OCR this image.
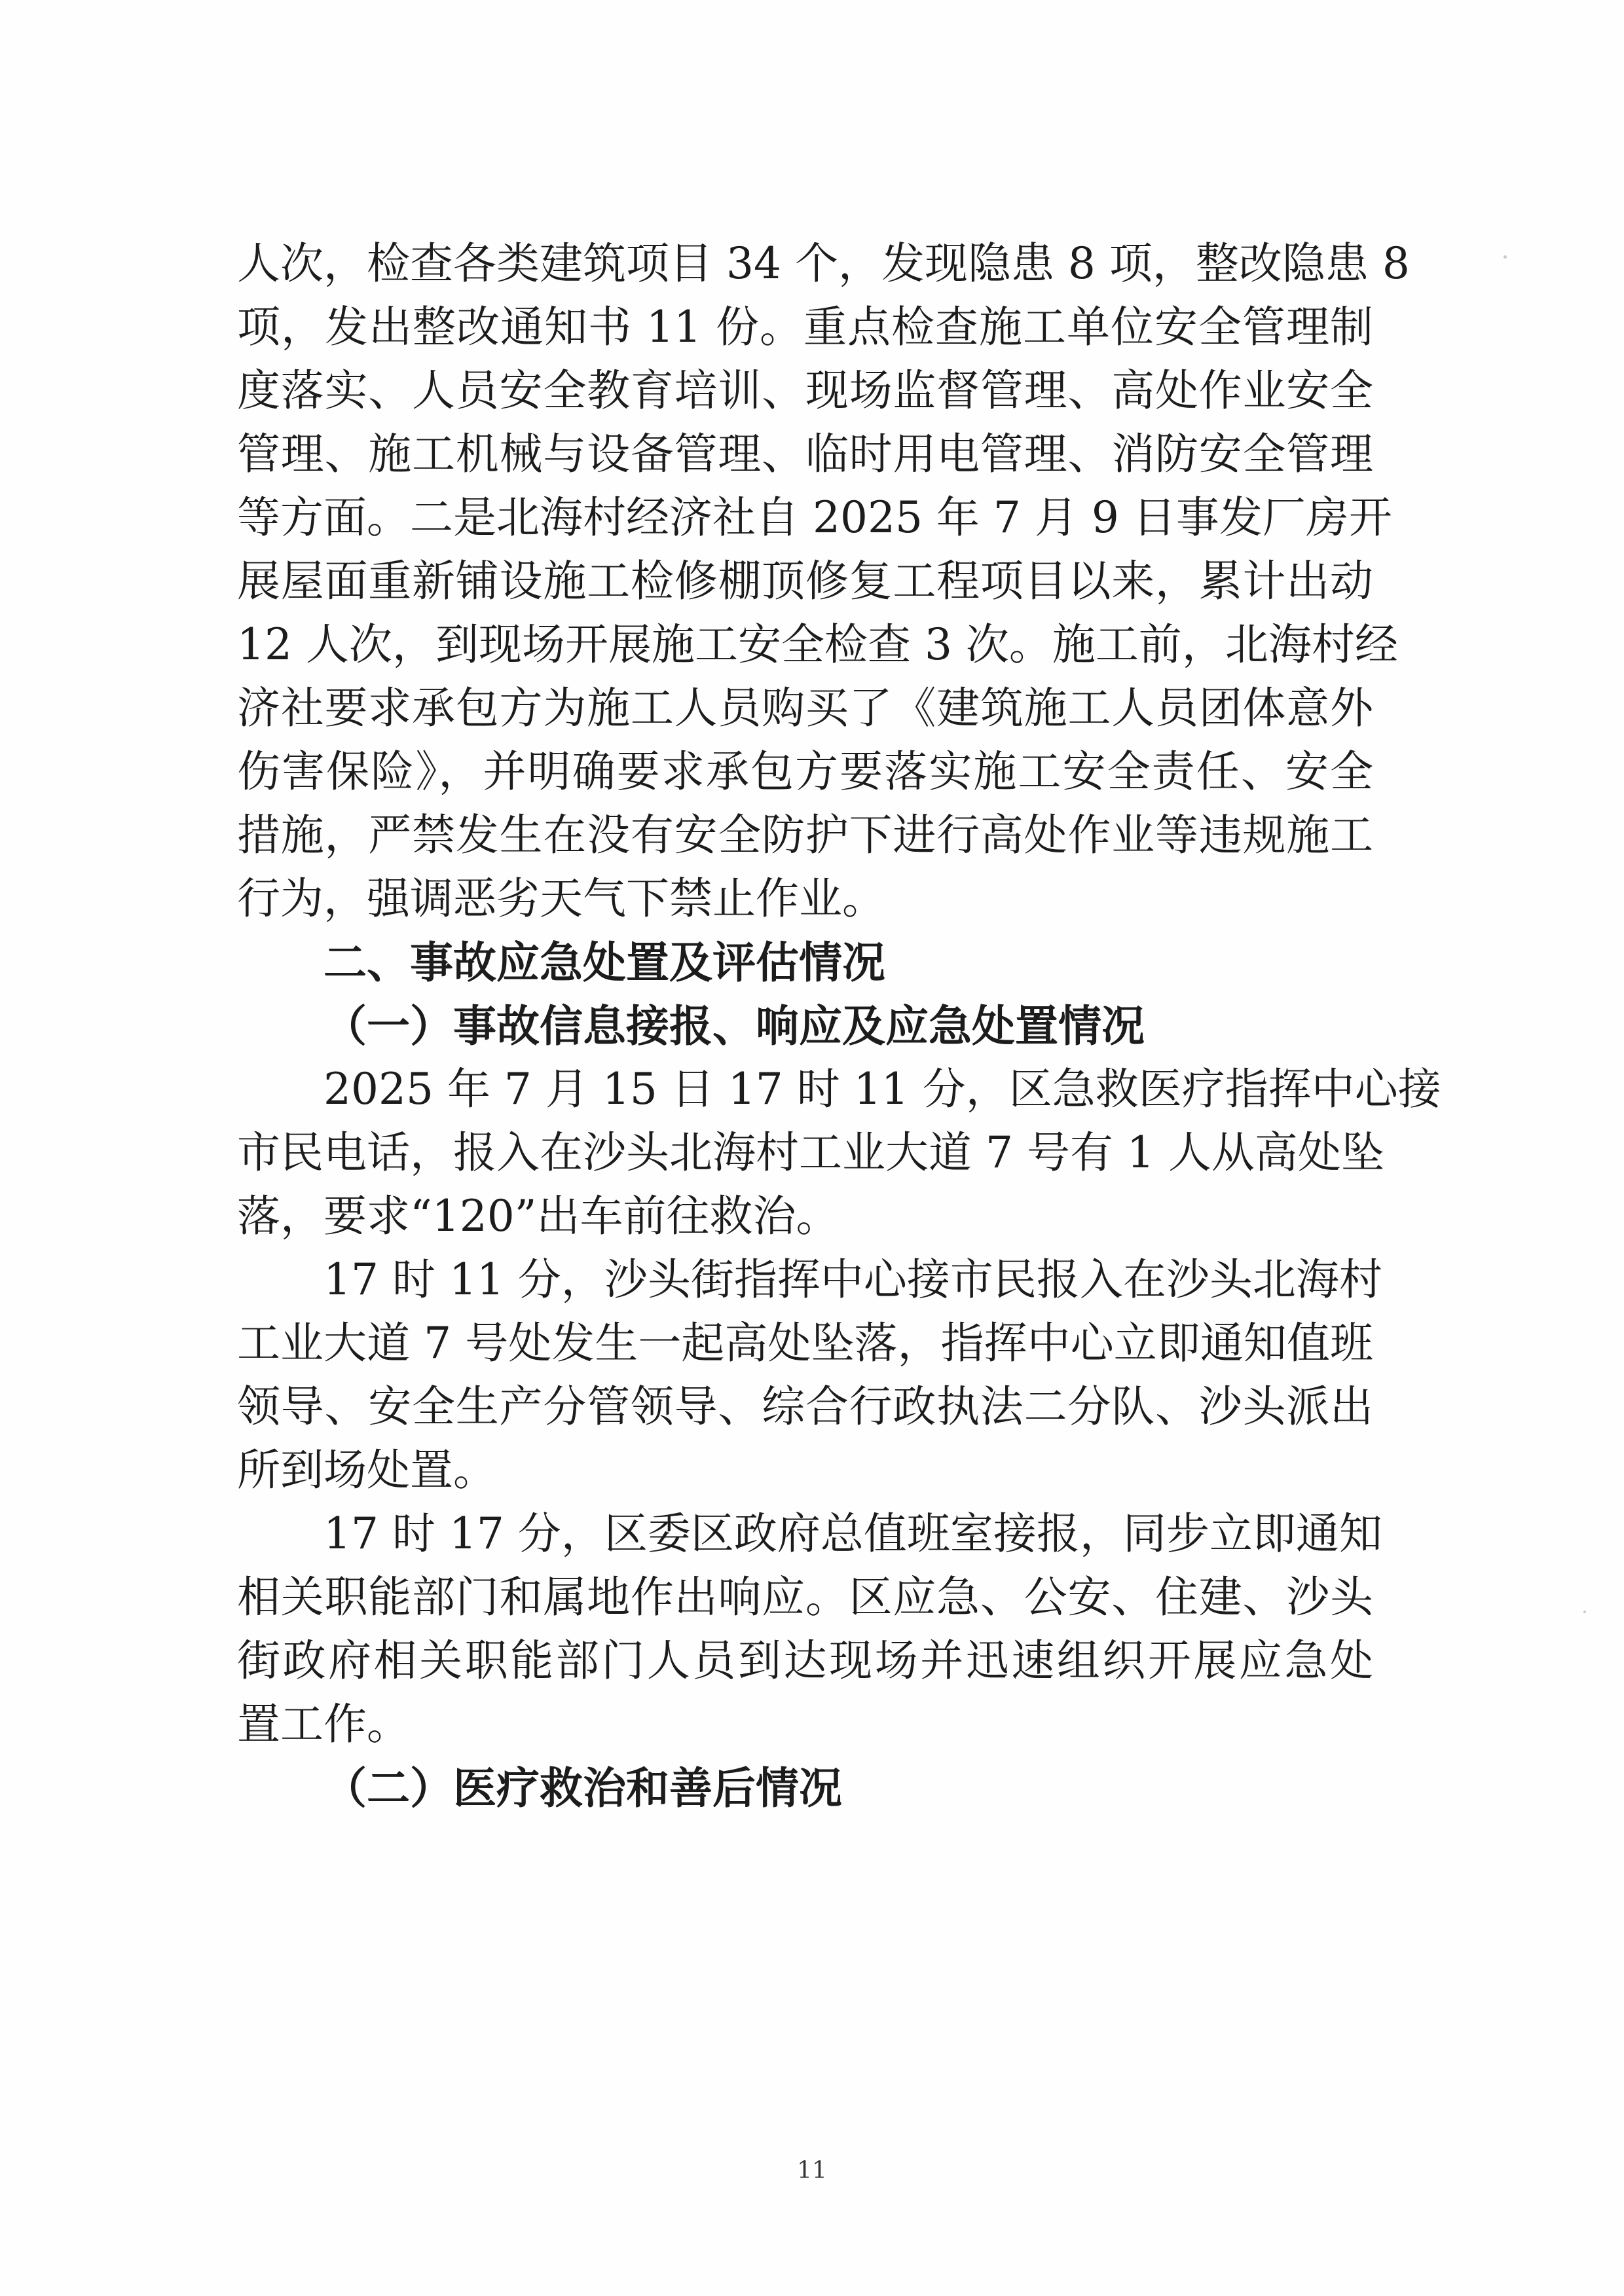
人次，检查各类建筑项目 34 个，发现隐患 8 项，整改隐患 8
项，发出整改通知书 11 份。重点检查施工单位安全管理制
度落实、人员安全教育培训、现场监督管理、高处作业安全
管理、施工机械与设备管理、临时用电管理、消防安全管理
等方面。二是北海村经济社自 2025 年 7 月 9 日事发厂房开
展屋面重新铺设施工检修棚顶修复工程项目以来，累计出动
12 人次，到现场开展施工安全检查 3 次。施工前，北海村经
济社要求承包方为施工人员购买了《建筑施工人员团体意外
伤害保险》，并明确要求承包方要落实施工安全责任、安全
措施，严禁发生在没有安全防护下进行高处作业等违规施工
行为，强调恶劣天气下禁止作业。
二、事故应急处置及评估情况
（一）事故信息接报、响应及应急处置情况
2025 年 7 月 15 日 17 时 11 分，区急救医疗指挥中心接
市民电话，报入在沙头北海村工业大道 7 号有 1 人从高处坠
落，要求“120”出车前往救治。
17 时 11 分，沙头街指挥中心接市民报入在沙头北海村
工业大道 7 号处发生一起高处坠落，指挥中心立即通知值班
领导、安全生产分管领导、综合行政执法二分队、沙头派出
所到场处置。
17 时 17 分，区委区政府总值班室接报，同步立即通知
相关职能部门和属地作出响应。区应急、公安、住建、沙头
街政府相关职能部门人员到达现场并迅速组织开展应急处
置工作。
（二）医疗救治和善后情况
11
